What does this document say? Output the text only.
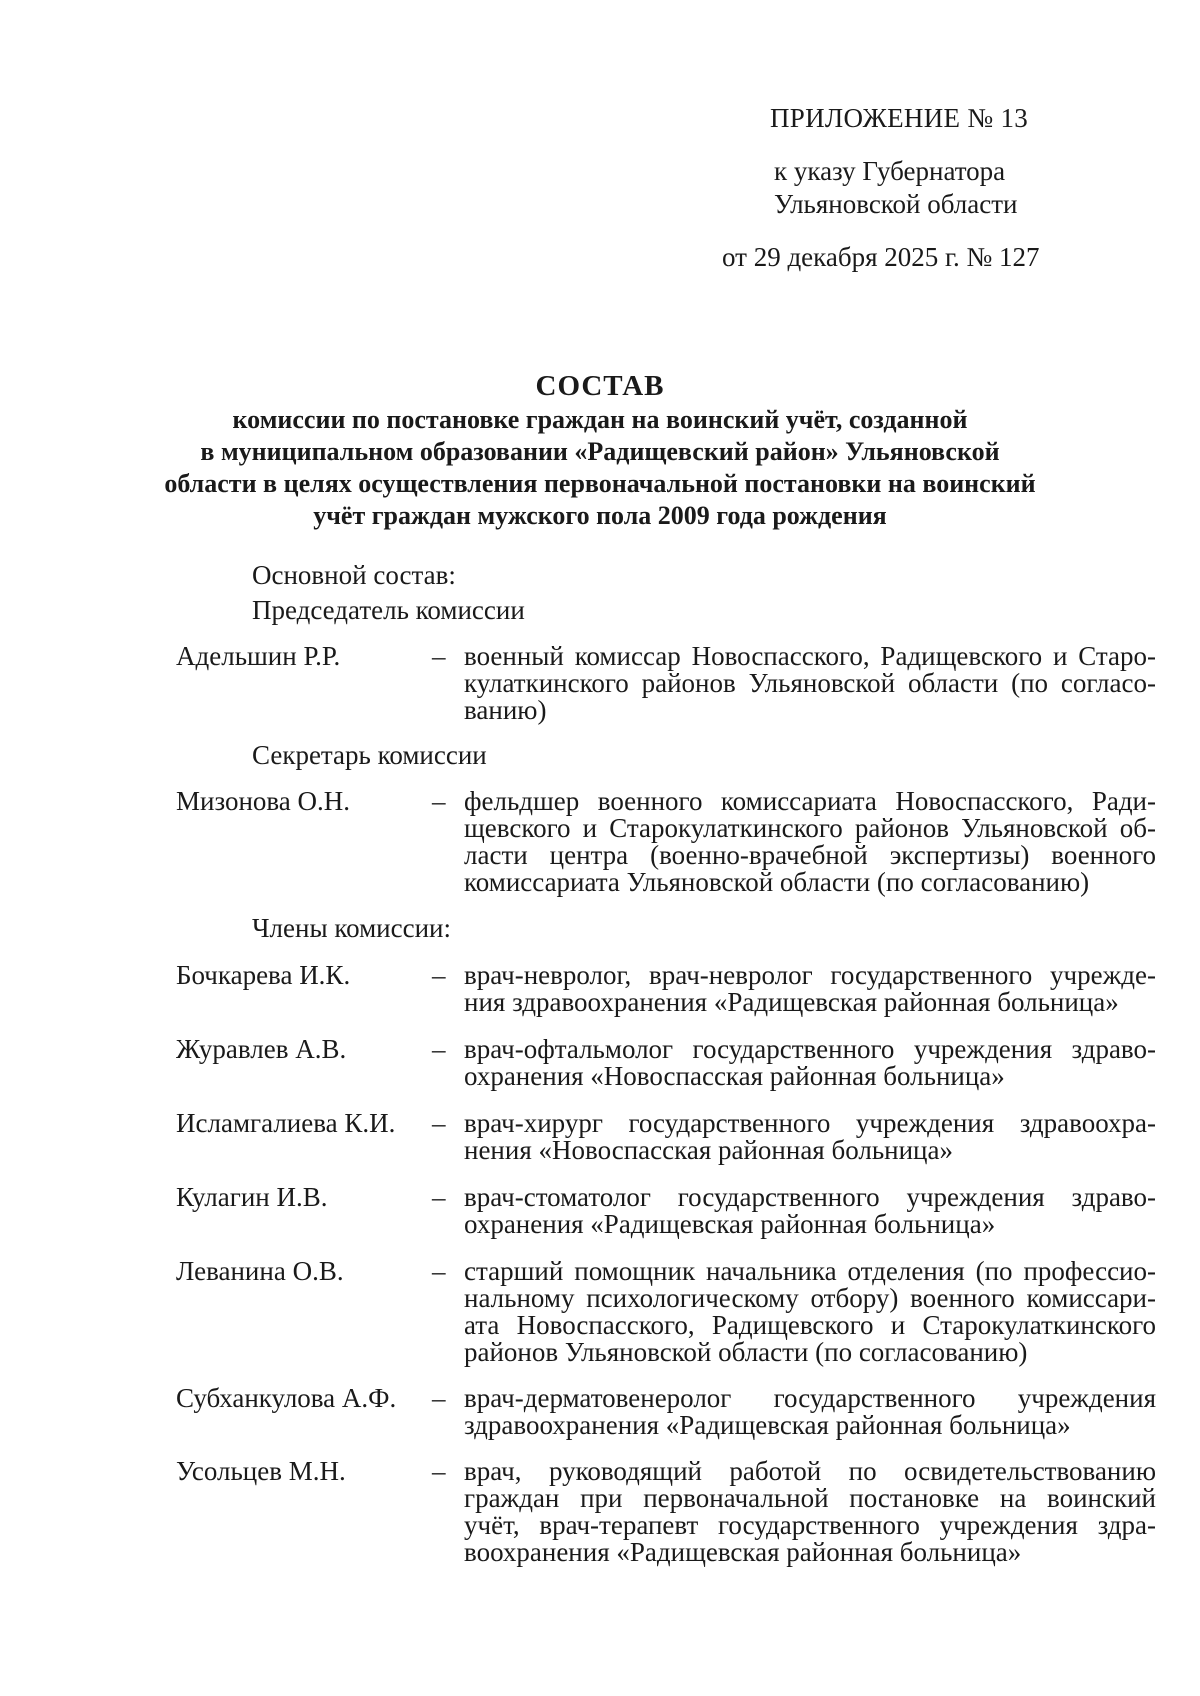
ПРИЛОЖЕНИЕ № 13
к указу Губернатора
Ульяновской области
от 29 декабря 2025 г. № 127
СОСТАВ
комиссии по постановке граждан на воинский учёт, созданной
в муниципальном образовании «Радищевский район» Ульяновской
области в целях осуществления первоначальной постановки на воинский
учёт граждан мужского пола 2009 года рождения
Основной состав:
Председатель комиссии
Адельшин Р.Р.	– военный комиссар Новоспасского, Радищевского и Старо-
кулаткинского районов Ульяновской области (по согласо-
ванию)
Секретарь комиссии
Мизонова О.Н.	– фельдшер военного комиссариата Новоспасского, Ради-
щевского и Старокулаткинского районов Ульяновской об-
ласти центра (военно-врачебной экспертизы) военного
комиссариата Ульяновской области (по согласованию)
Члены комиссии:
Бочкарева И.К.	– врач-невролог, врач-невролог государственного учрежде-
ния здравоохранения «Радищевская районная больница»
Журавлев А.В.	– врач-офтальмолог государственного учреждения здраво-
охранения «Новоспасская районная больница»
Исламгалиева К.И.	– врач-хирург государственного учреждения здравоохра-
нения «Новоспасская районная больница»
Кулагин И.В.	– врач-стоматолог государственного учреждения здраво-
охранения «Радищевская районная больница»
Леванина О.В.	– старший помощник начальника отделения (по профессио-
нальному психологическому отбору) военного комиссари-
ата Новоспасского, Радищевского и Старокулаткинского
районов Ульяновской области (по согласованию)
Субханкулова А.Ф.	– врач-дерматовенеролог государственного учреждения
здравоохранения «Радищевская районная больница»
Усольцев М.Н.	– врач, руководящий работой по освидетельствованию
граждан при первоначальной постановке на воинский
учёт, врач-терапевт государственного учреждения здра-
воохранения «Радищевская районная больница»
